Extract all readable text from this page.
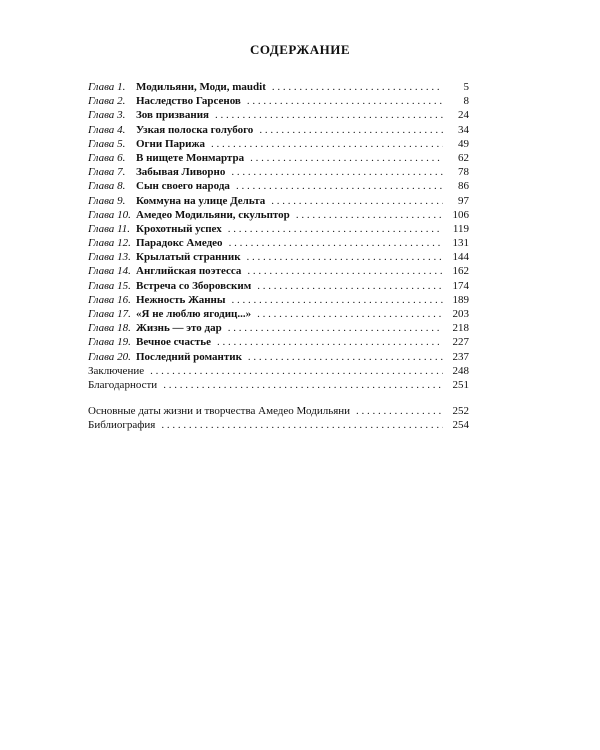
СОДЕРЖАНИЕ
Глава 1. Модильяни, Моди, maudit . . .	5
Глава 2. Наследство Гарсенов . . .	8
Глава 3. Зов призвания . . .	24
Глава 4. Узкая полоска голубого . . .	34
Глава 5. Огни Парижа . . .	49
Глава 6. В нищете Монмартра . . .	62
Глава 7. Забывая Ливорно . . .	78
Глава 8. Сын своего народа . . .	86
Глава 9. Коммуна на улице Дельта . . .	97
Глава 10. Амедео Модильяни, скульптор . . .	106
Глава 11. Крохотный успех . . .	119
Глава 12. Парадокс Амедео . . .	131
Глава 13. Крылатый странник . . .	144
Глава 14. Английская поэтесса . . .	162
Глава 15. Встреча со Зборовским . . .	174
Глава 16. Нежность Жанны . . .	189
Глава 17. «Я не люблю ягодиц...» . . .	203
Глава 18. Жизнь — это дар . . .	218
Глава 19. Вечное счастье . . .	227
Глава 20. Последний романтик . . .	237
Заключение . . .	248
Благодарности . . .	251
Основные даты жизни и творчества Амедео Модильяни . . .	252
Библиография . . .	254
